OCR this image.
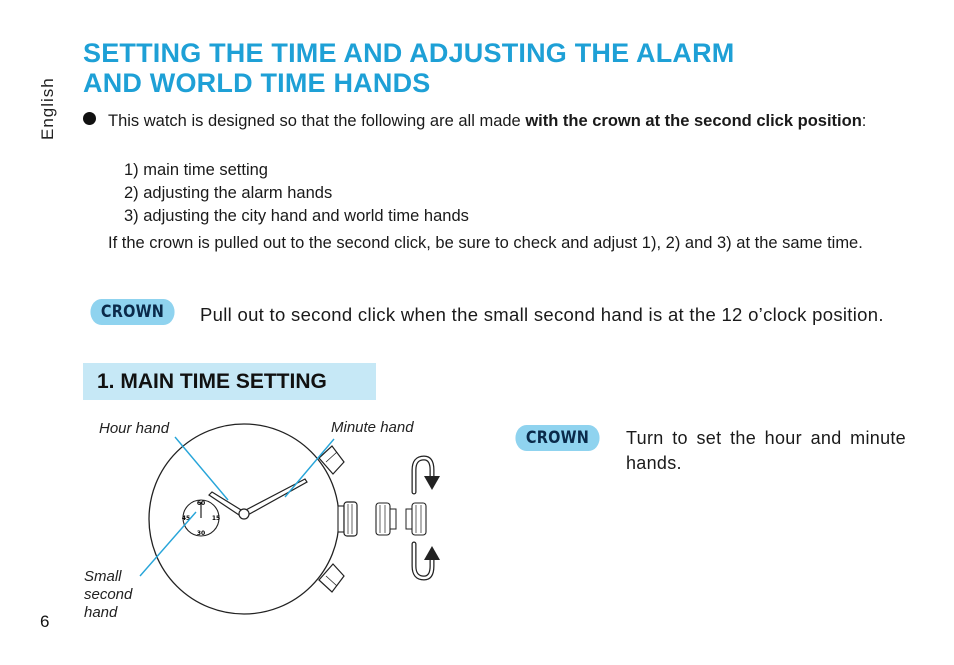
English
SETTING THE TIME AND ADJUSTING THE ALARM
AND WORLD TIME HANDS
This watch is designed so that the following are all made with the crown at the second click position:
1) main time setting
2) adjusting the alarm hands
3) adjusting the city hand and world time hands
If the crown is pulled out to the second click, be sure to check and adjust 1), 2) and 3) at the same time.
CROWN	Pull out to second click when the small second hand is at the 12 o’clock position.
1. MAIN TIME SETTING
Hour hand	Minute hand
Small
second
hand
60
15
30
45
CROWN	Turn to set the hour and minute hands.
6
